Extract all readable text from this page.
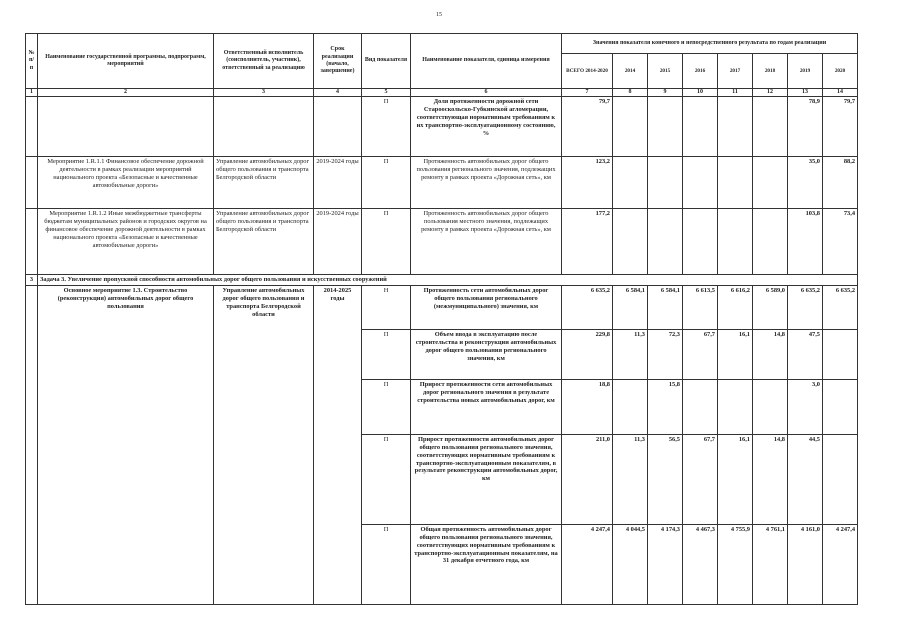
15
№ п/п	Наименование государственной программы, подпрограмм, мероприятий	Ответственный исполнитель (соисполнитель, участник), ответственный за реализацию	Срок реализации (начало, завершение)	Вид показателя	Наименование показателя, единица измерения	Значения показателя конечного и непосредственного результата по годам реализации							
						ВСЕГО 2014-2020	2014	2015	2016	2017	2018	2019	2020
1	2	3	4	5	6	7	8	9	10	11	12	13	14
				П	Доля протяженности дорожной сети Старооскольско-Губкинской агломерации, соответствующая нормативным требованиям к их транспортно-эксплуатационному состоянию, %	79,7						78,9	79,7
	Мероприятие 1.R.1.1 Финансовое обеспечение дорожной деятельности в рамках реализации мероприятий национального проекта «Безопасные и качественные автомобильные дороги»	Управление автомобильных дорог общего пользования и транспорта Белгородской области	2019-2024 годы	П	Протяженность автомобильных дорог общего пользования регионального значения, подлежащих ремонту в рамках проекта «Дорожная сеть», км	123,2						35,0	88,2
	Мероприятие 1.R.1.2 Иные межбюджетные трансферты бюджетам муниципальных районов и городских округов на финансовое обеспечение дорожной деятельности в рамках национального проекта «Безопасные и качественные автомобильные дороги»	Управление автомобильных дорог общего пользования и транспорта Белгородской области	2019-2024 годы	П	Протяженность автомобильных дорог общего пользования местного значения, подлежащих ремонту в рамках проекта «Дорожная сеть», км	177,2						103,8	73,4
3	Задача 3. Увеличение пропускной способности автомобильных дорог общего пользования и искусственных сооружений												
	Основное мероприятие 1.3. Строительство (реконструкция) автомобильных дорог общего пользования	Управление автомобильных дорог общего пользования и транспорта Белгородской области	2014-2025 годы	Н	Протяженность сети автомобильных дорог общего пользования регионального (межмуниципального) значения, км	6 635,2	6 584,1	6 584,1	6 613,5	6 616,2	6 589,0	6 635,2	6 635,2
				П	Объем ввода в эксплуатацию после строительства и реконструкции автомобильных дорог общего пользования регионального значения, км	229,8	11,3	72,3	67,7	16,1	14,8	47,5	
				П	Прирост протяженности сети автомобильных дорог регионального значения в результате строительства новых автомобильных дорог, км	18,8		15,8				3,0	
				П	Прирост протяженности автомобильных дорог общего пользования регионального значения, соответствующих нормативным требованиям к транспортно-эксплуатационным показателям, в результате реконструкции автомобильных дорог, км	211,0	11,3	56,5	67,7	16,1	14,8	44,5	
				П	Общая протяженность автомобильных дорог общего пользования регионального значения, соответствующих нормативным требованиям к транспортно-эксплуатационным показателям, на 31 декабря отчетного года, км	4 247,4	4 044,5	4 174,3	4 467,3	4 755,9	4 761,1	4 161,0	4 247,4
